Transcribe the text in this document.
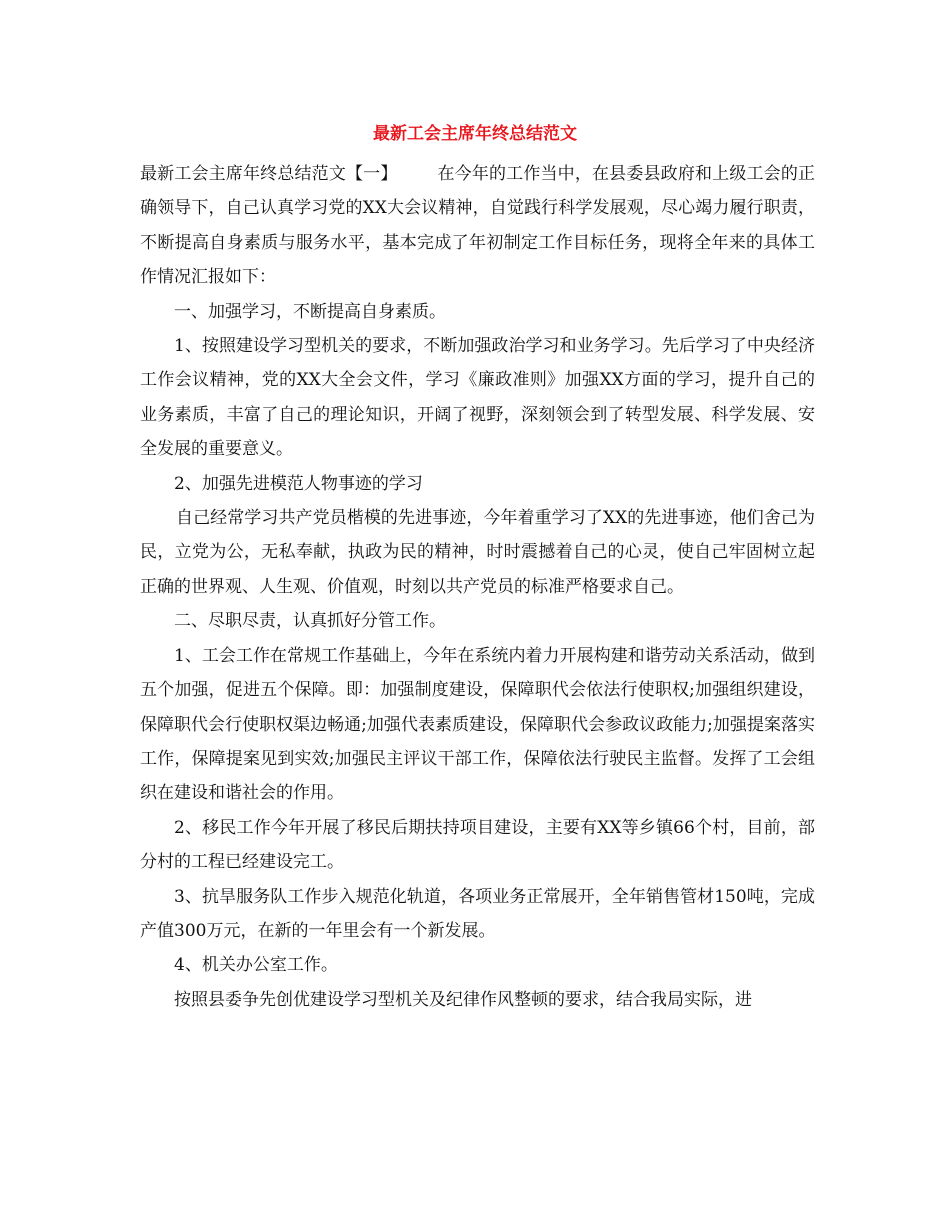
最新工会主席年终总结范文

最新工会主席年终总结范文【一】 在今年的工作当中，在县委县政府和上级工会的正确领导下，自己认真学习党的XX大会议精神，自觉践行科学发展观，尽心竭力履行职责，不断提高自身素质与服务水平，基本完成了年初制定工作目标任务，现将全年来的具体工作情况汇报如下：

一、加强学习，不断提高自身素质。

1、按照建设学习型机关的要求，不断加强政治学习和业务学习。先后学习了中央经济工作会议精神，党的XX大全会文件，学习《廉政准则》加强XX方面的学习，提升自己的业务素质，丰富了自己的理论知识，开阔了视野，深刻领会到了转型发展、科学发展、安全发展的重要意义。

2、加强先进模范人物事迹的学习

自己经常学习共产党员楷模的先进事迹，今年着重学习了XX的先进事迹，他们舍己为民，立党为公，无私奉献，执政为民的精神，时时震撼着自己的心灵，使自己牢固树立起正确的世界观、人生观、价值观，时刻以共产党员的标准严格要求自己。

二、尽职尽责，认真抓好分管工作。

1、工会工作在常规工作基础上，今年在系统内着力开展构建和谐劳动关系活动，做到五个加强，促进五个保障。即：加强制度建设，保障职代会依法行使职权;加强组织建设，保障职代会行使职权渠边畅通;加强代表素质建设，保障职代会参政议政能力;加强提案落实工作，保障提案见到实效;加强民主评议干部工作，保障依法行驶民主监督。发挥了工会组织在建设和谐社会的作用。

2、移民工作今年开展了移民后期扶持项目建设，主要有XX等乡镇66个村，目前，部分村的工程已经建设完工。

3、抗旱服务队工作步入规范化轨道，各项业务正常展开，全年销售管材150吨，完成产值300万元，在新的一年里会有一个新发展。

4、机关办公室工作。

按照县委争先创优建设学习型机关及纪律作风整顿的要求，结合我局实际，进
